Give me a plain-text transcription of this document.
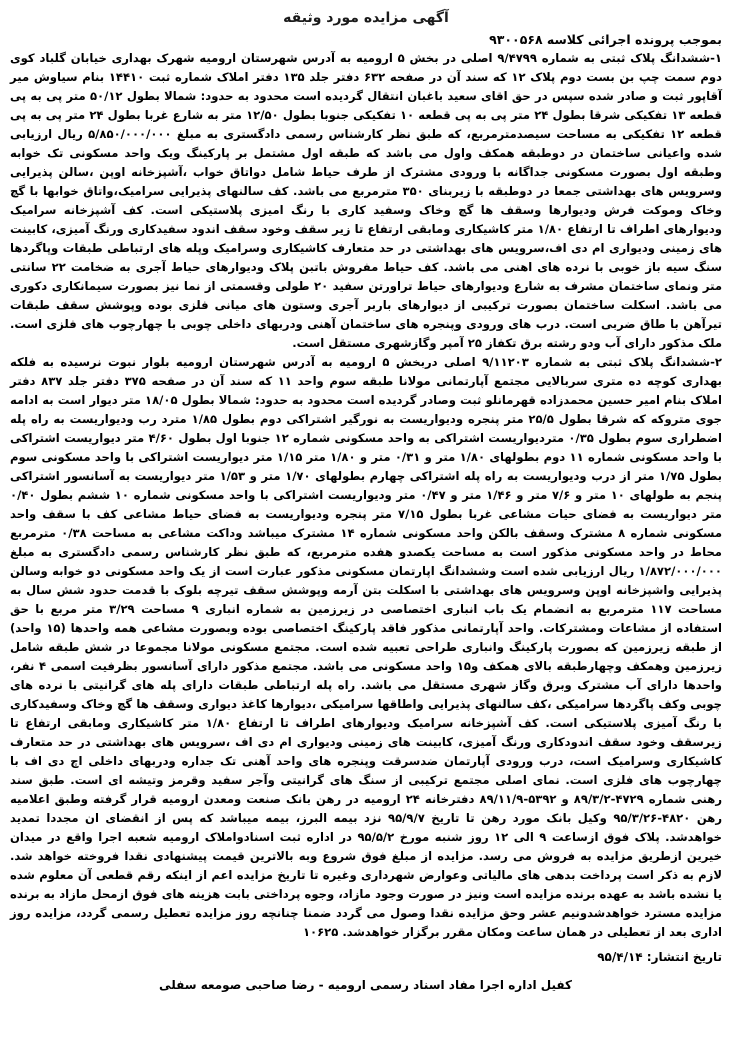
آگهی مزایده مورد وثیقه
بموجب پرونده اجرائی کلاسه ۹۳۰۰۵۶۸

۱-ششدانگ پلاک ثبتی به شماره ۹/۴۷۹۹ اصلی در بخش ۵ ارومیه به آدرس شهرستان ارومیه شهرک بهداری خیابان گلباد کوی دوم سمت چپ بن بست دوم پلاک ۱۲ که سند آن در صفحه ۶۳۲ دفتر جلد ۱۳۵ دفتر املاک شماره ثبت ۱۴۴۱۰ بنام سیاوش میر آقاپور ثبت و صادر شده سپس در حق اقای سعید باغبان انتقال گردیده است محدود به حدود: شمالا بطول ۵۰/۱۲ متر پی به پی قطعه ۱۳ تفکیکی شرقا بطول ۲۴ متر پی به پی قطعه ۱۰ تفکیکی جنوبا بطول ۱۲/۵۰ متر به شارع غربا بطول ۲۴ متر پی به پی قطعه ۱۲ تفکیکی به مساحت سیصدمترمربع، که طبق نظر کارشناس رسمی دادگستری به مبلغ ۵/۸۵۰/۰۰۰/۰۰۰ ریال ارزیابی شده واعیانی ساختمان در دوطبقه همکف واول می باشد که طبقه اول مشتمل بر پارکینگ ویک واحد مسکونی تک خوابه وطبقه اول بصورت مسکونی جداگانه با ورودی مشترک از طرف حیاط شامل دواتاق خواب ،آشپزخانه اوپن ،سالن پذیرایی وسرویس های بهداشتی جمعا در دوطبقه با زیربنای ۳۵۰ مترمربع می باشد. کف سالنهای پذیرایی سرامیک،واتاق خوابها با گچ وخاک وموکت فرش ودیوارها وسقف ها گچ وخاک وسفید کاری با رنگ امیزی پلاستیکی است. کف آشپزخانه سرامیک ودیوارهای اطراف تا ارتفاع ۱/۸۰ متر کاشیکاری ومابقی ارتفاع تا زیر سقف وخود سقف اندود سفیدکاری ورنگ آمیزی، کابینت های زمینی ودیواری ام دی اف،سرویس های بهداشتی در حد متعارف کاشیکاری وسرامیک وپله های ارتباطی طبقات وپاگردها سنگ سیه باز خوبی با نرده های اهنی می باشد. کف حیاط مفروش باتبن پلاک ودیوارهای حیاط آجری به ضخامت ۲۲ سانتی متر ونمای ساختمان مشرف به شارع ودیوارهای حیاط تراورتن سفید ۲۰ طولی وقسمتی از نما نیز بصورت سیمانکاری دکوری می باشد. اسکلت ساختمان بصورت ترکیبی از دیوارهای باربر آجری وستون های میانی فلزی بوده وپوشش سقف طبقات تیرآهن با طاق ضربی است. درب های ورودی وپنجره های ساختمان آهنی ودربهای داخلی چوبی با چهارچوب های فلزی است. ملک مذکور دارای آب ودو رشته برق تکفاز ۲۵ آمپر وگازشهری مستقل است.

۲-ششدانگ پلاک ثبتی به شماره ۹/۱۱۲۰۳ اصلی دربخش ۵ ارومیه به آدرس شهرستان ارومیه بلوار نبوت نرسیده به فلکه بهداری کوچه ده متری سربالایی مجتمع آپارتمانی مولانا طبقه سوم واحد ۱۱ که سند آن در صفحه ۳۷۵ دفتر جلد ۸۳۷ دفتر املاک بنام امیر حسین محمدزاده قهرمانلو ثبت وصادر گردیده است محدود به حدود: شمالا بطول ۱۸/۰۵ متر دیوار است به ادامه جوی متروکه که شرقا بطول ۲۵/۵ متر پنجره ودیواریست به نورگیر اشتراکی دوم بطول ۱/۸۵ مترد رب ودیواریست به راه پله اضطراری سوم بطول ۰/۳۵ متردیواریست اشتراکی به واحد مسکونی شماره ۱۲ جنوبا اول بطول ۴/۶۰ متر دیواریست اشتراکی با واحد مسکونی شماره ۱۱ دوم بطولهای ۱/۸۰ متر و ۰/۳۱ متر و ۱/۸۰ متر ۱/۱۵ متر دیواریست اشتراکی با واحد مسکونی سوم بطول ۱/۷۵ متر از درب ودیواریست به راه پله اشتراکی چهارم بطولهای ۱/۷۰ متر و ۱/۵۳ متر دیواریست به آسانسور اشتراکی پنجم به طولهای ۱۰ متر و ۷/۶ متر و ۱/۴۶ متر و ۰/۴۷ متر ودیواریست اشتراکی با واحد مسکونی شماره ۱۰ ششم بطول ۰/۴۰ متر دیواریست به فضای حیات مشاعی غربا بطول ۷/۱۵ متر پنجره ودیواریست به فضای حیاط مشاعی کف با سقف واحد مسکونی شماره ۸ مشترک وسقف بالکن واحد مسکونی شماره ۱۴ مشترک میباشد وداکت مشاعی به مساحت ۰/۳۸ مترمربع محاط در واحد مسکونی مذکور است به مساحت یکصدو هفده مترمربع، که طبق نظر کارشناس رسمی دادگستری به مبلغ ۱/۸۷۲/۰۰۰/۰۰۰ ریال ارزیابی شده است وششدانگ اپارتمان مسکونی مذکور عبارت است از یک واحد مسکونی دو خوابه وسالن پذیرایی واشپزخانه اوپن وسرویس های بهداشتی با اسکلت بتن آرمه وپوشش سقف تیرچه بلوک با قدمت حدود شش سال به مساحت ۱۱۷ مترمربع به انضمام یک باب انباری اختصاصی در زیرزمین به شماره انباری ۹ مساحت ۳/۲۹ متر مربع با حق استفاده از مشاعات ومشترکات. واحد آپارتمانی مذکور فاقد پارکینگ اختصاصی بوده وبصورت مشاعی همه واحدها (۱۵ واحد) از طبقه زیرزمین که بصورت پارکینگ وانباری طراحی تعبیه شده است. مجتمع مسکونی مولانا مجموعا در شش طبقه شامل زیرزمین وهمکف وچهارطبقه بالای همکف و۱۵ واحد مسکونی می باشد. مجتمع مذکور دارای آسانسور بظرفیت اسمی ۴ نفر، واحدها دارای آب مشترک وبرق وگاز شهری مستقل می باشد. راه پله ارتباطی طبقات دارای پله های گرانیتی با نرده های چوبی وکف پاگردها سرامیکی ،کف سالنهای پذیرایی واطاقها سرامیکی ،دیوارها کاغذ دیواری وسقف ها گچ وخاک وسفیدکاری با رنگ آمیزی پلاستیکی است. کف آشپزخانه سرامیک ودیوارهای اطراف تا ارتفاع ۱/۸۰ متر کاشیکاری ومابقی ارتفاع تا زیرسقف وخود سقف اندودکاری ورنگ آمیزی، کابینت های زمینی ودیواری ام دی اف ،سرویس های بهداشتی در حد متعارف کاشیکاری وسرامیک است، درب ورودی آپارتمان ضدسرقت وپنجره های واحد آهنی تک جداره ودربهای داخلی اچ دی اف با چهارچوب های فلزی است. نمای اصلی مجتمع ترکیبی از سنگ های گرانیتی وآجر سفید وقرمز وتیشه ای است. طبق سند رهنی شماره ۴۷۲۹-۸۹/۳/۲ و ۵۳۹۲-۸۹/۱۱/۹ دفترخانه ۲۴ ارومیه در رهن بانک صنعت ومعدن ارومیه قرار گرفته وطبق اعلامیه رهن ۴۸۲۰-۹۵/۳/۲۶ وکیل بانک مورد رهن تا تاریخ ۹۵/۹/۷ نزد بیمه البرز، بیمه میباشد که پس از انقضای ان مجددا تمدید خواهدشد. پلاک فوق ازساعت ۹ الی ۱۲ روز شنبه مورخ ۹۵/۵/۲ در اداره ثبت اسنادواملاک ارومیه شعبه اجرا واقع در میدان خیرین ازطریق مزایده به فروش می رسد. مزایده از مبلغ فوق شروع وبه بالاترین قیمت پیشنهادی نقدا فروخته خواهد شد. لازم به ذکر است پرداخت بدهی های مالیاتی وعوارض شهرداری وغیره تا تاریخ مزایده اعم از اینکه رقم قطعی آن معلوم شده یا نشده باشد به عهده برنده مزایده است ونیز در صورت وجود مازاد، وجوه پرداختی بابت هزینه های فوق ازمحل مازاد به برنده مزایده مسترد خواهدشدونیم عشر وحق مزایده نقدا وصول می گردد ضمنا چنانچه روز مزایده تعطیل رسمی گردد، مزایده روز اداری بعد از تعطیلی در همان ساعت ومکان مقرر برگزار خواهدشد. ۱۰۶۲۵

تاریخ انتشار: ۹۵/۴/۱۴
کفیل اداره اجرا مفاد اسناد رسمی ارومیه - رضا صاحبی صومعه سفلی
